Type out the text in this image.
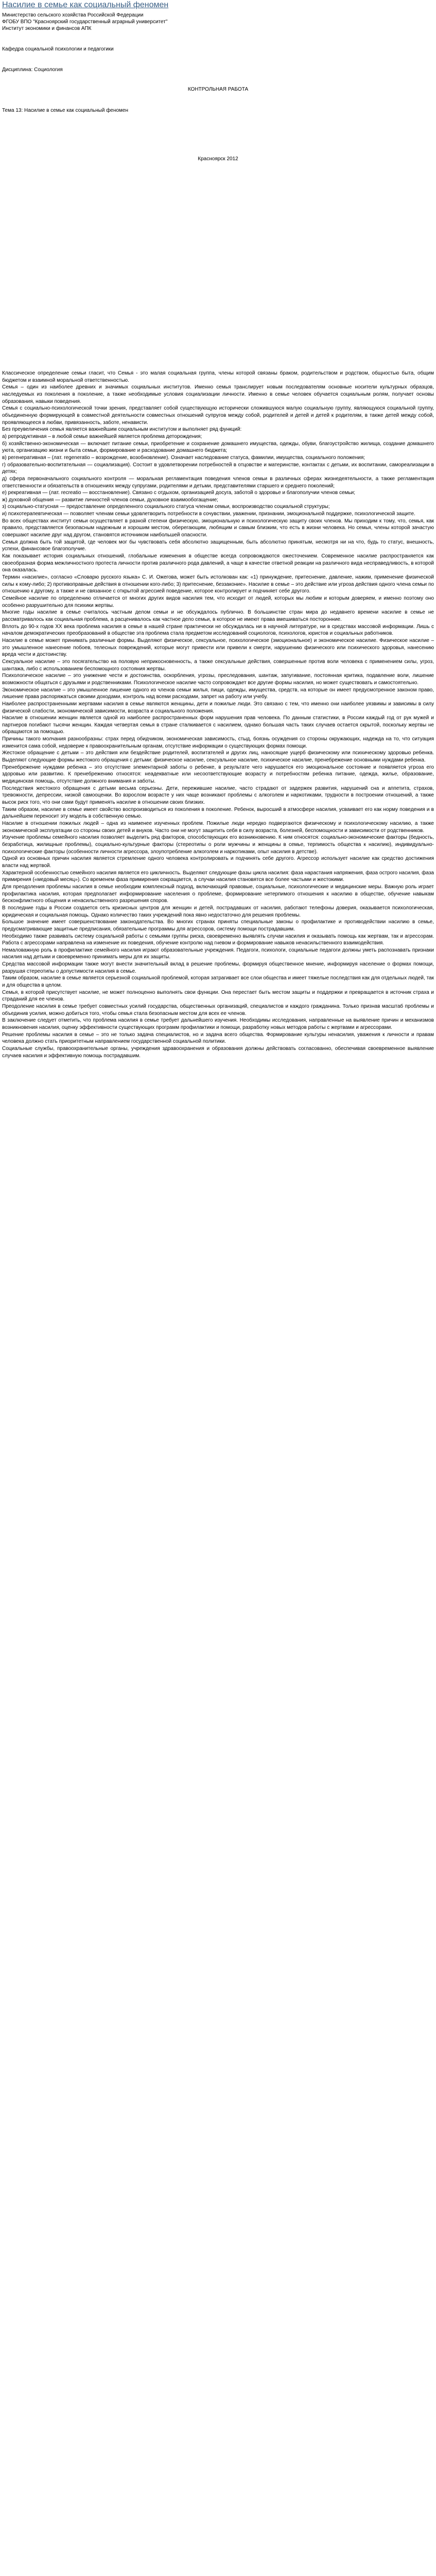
Насилие в семье как социальный феномен
Министерство сельского хозяйства Российской Федерации
ФГОБУ ВПО "Красноярский государственный аграрный университет"
Институт экономики и финансов АПК
Кафедра социальной психологии и педагогики
Дисциплина: Социология
КОНТРОЛЬНАЯ РАБОТА
Тема 13: Насилие в семье как социальный феномен
Красноярск 2012

Классическое определение семьи гласит, что Семья - это малая социальная группа, члены которой связаны браком, родительством и родством, общностью быта, общим бюджетом и взаимной моральной ответственностью.

Семья – один из наиболее древних и значимых социальных институтов. Именно семья транслирует новым последователям основные носители культурных образцов, наследуемых из поколения в поколение, а также необходимые условия социализации личности. Именно в семье человек обучается социальным ролям, получает основы образования, навыки поведения.

Семья с социально-психологической точки зрения, представляет собой существующую исторически сложившуюся малую социальную группу, являющуюся социальной группу, объединенную формирующей в совместной деятельности совместных отношений супругов между собой, родителей и детей и детей к родителям, в также детей между собой, проявляющееся в любви, привязанность, заботе, ненависти.

Без преувеличения семья является важнейшим социальным институтом и выполняет ряд функций:

а) репродуктивная – в любой семье важнейшей является проблема деторождения;

б) хозяйственно-экономическая — включает питание семьи, приобретение и сохранение домашнего имущества, одежды, обуви, благоустройство жилища, создание домашнего уюта, организацию жизни и быта семьи, формирование и расходование домашнего бюджета;

в) регенеративная – (лат. regeneratio – возрождение, возобновление). Означает наследование статуса, фамилии, имущества, социального положения;

г) образовательно-воспитательная — социализация). Состоит в удовлетворении потребностей в отцовстве и материнстве, контактах с детьми, их воспитании, самореализации в детях;

д) сфера первоначального социального контроля — моральная регламентация поведения членов семьи в различных сферах жизнедеятельности, а также регламентация ответственности и обязательств в отношениях между супругами, родителями и детьми, представителями старшего и среднего поколений;

е) рекреативная — (лат. recreatio — восстановление). Связано с отдыхом, организацией досуга, заботой о здоровье и благополучии членов семьи;

ж) духовной общения — развитие личностей членов семьи, духовное взаимообогащение;

з) социально-статусная — предоставление определенного социального статуса членам семьи, воспроизводство социальной структуры;

и) психотерапевтическая — позволяет членам семьи удовлетворить потребности в сочувствии, уважении, признании, эмоциональной поддержке, психологической защите.

Во всех обществах институт семьи осуществляет в разной степени физическую, эмоциональную и психологическую защиту своих членов. Мы приходим к тому, что, семья, как правило, представляется безопасным надежным и хорошим местом, оберегающим, любящим и самым близким, что есть в жизни человека. Но семья, члены которой зачастую совершают насилие друг над другом, становятся источником наибольшей опасности.

Семья должна быть той защитой, где человек мог бы чувствовать себя абсолютно защищенным, быть абсолютно принятым, несмотря ни на что, будь то статус, внешность, успехи, финансовое благополучие.

Как показывает история социальных отношений, глобальные изменения в обществе всегда сопровождаются ожесточением. Современное насилие распространяется как своеобразная форма межличностного протеста личности против различного рода давлений, а чаще в качестве ответной реакции на различного вида несправедливость, в которой она оказалась.

Термин «насилие», согласно «Словарю русского языка» С. И. Ожегова, может быть истолкован как: «1) принуждение, притеснение, давление, нажим, применение физической силы к кому-либо; 2) противоправные действия в отношении кого-либо; 3) притеснение, беззаконие». Насилие в семье – это действие или угроза действия одного члена семьи по отношению к другому, а также и не связанное с открытой агрессией поведение, которое контролирует и подчиняет себе другого.

Семейное насилие по определению отличается от многих других видов насилия тем, что исходит от людей, которых мы любим и которым доверяем, и именно поэтому оно особенно разрушительно для психики жертвы.

Многие годы насилие в семье считалось частным делом семьи и не обсуждалось публично. В большинстве стран мира до недавнего времени насилие в семье не рассматривалось как социальная проблема, а расценивалось как частное дело семьи, в которое не имеют права вмешиваться посторонние.

Вплоть до 90-х годов XX века проблема насилия в семье в нашей стране практически не обсуждалась ни в научной литературе, ни в средствах массовой информации. Лишь с началом демократических преобразований в обществе эта проблема стала предметом исследований социологов, психологов, юристов и социальных работников.

Насилие в семье может принимать различные формы. Выделяют физическое, сексуальное, психологическое (эмоциональное) и экономическое насилие. Физическое насилие – это умышленное нанесение побоев, телесных повреждений, которые могут привести или привели к смерти, нарушению физического или психического здоровья, нанесению вреда чести и достоинству.

Сексуальное насилие – это посягательство на половую неприкосновенность, а также сексуальные действия, совершенные против воли человека с применением силы, угроз, шантажа, либо с использованием беспомощного состояния жертвы.

Психологическое насилие – это унижение чести и достоинства, оскорбления, угрозы, преследования, шантаж, запугивание, постоянная критика, подавление воли, лишение возможности общаться с друзьями и родственниками. Психологическое насилие часто сопровождает все другие формы насилия, но может существовать и самостоятельно.

Экономическое насилие – это умышленное лишение одного из членов семьи жилья, пищи, одежды, имущества, средств, на которые он имеет предусмотренное законом право, лишение права распоряжаться своими доходами, контроль над всеми расходами, запрет на работу или учебу.

Наиболее распространенными жертвами насилия в семье являются женщины, дети и пожилые люди. Это связано с тем, что именно они наиболее уязвимы и зависимы в силу физической слабости, экономической зависимости, возраста и социального положения.

Насилие в отношении женщин является одной из наиболее распространенных форм нарушения прав человека. По данным статистики, в России каждый год от рук мужей и партнеров погибают тысячи женщин. Каждая четвертая семья в стране сталкивается с насилием, однако большая часть таких случаев остается скрытой, поскольку жертвы не обращаются за помощью.

Причины такого молчания разнообразны: страх перед обидчиком, экономическая зависимость, стыд, боязнь осуждения со стороны окружающих, надежда на то, что ситуация изменится сама собой, недоверие к правоохранительным органам, отсутствие информации о существующих формах помощи.

Жестокое обращение с детьми – это действия или бездействие родителей, воспитателей и других лиц, наносящие ущерб физическому или психическому здоровью ребенка. Выделяют следующие формы жестокого обращения с детьми: физическое насилие, сексуальное насилие, психическое насилие, пренебрежение основными нуждами ребенка.

Пренебрежение нуждами ребенка – это отсутствие элементарной заботы о ребенке, в результате чего нарушается его эмоциональное состояние и появляется угроза его здоровью или развитию. К пренебрежению относятся: неадекватные или несоответствующие возрасту и потребностям ребенка питание, одежда, жилье, образование, медицинская помощь, отсутствие должного внимания и заботы.

Последствия жестокого обращения с детьми весьма серьезны. Дети, пережившие насилие, часто страдают от задержек развития, нарушений сна и аппетита, страхов, тревожности, депрессии, низкой самооценки. Во взрослом возрасте у них чаще возникают проблемы с алкоголем и наркотиками, трудности в построении отношений, а также высок риск того, что они сами будут применять насилие в отношении своих близких.

Таким образом, насилие в семье имеет свойство воспроизводиться из поколения в поколение. Ребенок, выросший в атмосфере насилия, усваивает его как норму поведения и в дальнейшем переносит эту модель в собственную семью.

Насилие в отношении пожилых людей – одна из наименее изученных проблем. Пожилые люди нередко подвергаются физическому и психологическому насилию, а также экономической эксплуатации со стороны своих детей и внуков. Часто они не могут защитить себя в силу возраста, болезней, беспомощности и зависимости от родственников.

Изучение проблемы семейного насилия позволяет выделить ряд факторов, способствующих его возникновению. К ним относятся: социально-экономические факторы (бедность, безработица, жилищные проблемы), социально-культурные факторы (стереотипы о роли мужчины и женщины в семье, терпимость общества к насилию), индивидуально-психологические факторы (особенности личности агрессора, злоупотребление алкоголем и наркотиками, опыт насилия в детстве).

Одной из основных причин насилия является стремление одного человека контролировать и подчинять себе другого. Агрессор использует насилие как средство достижения власти над жертвой.

Характерной особенностью семейного насилия является его цикличность. Выделяют следующие фазы цикла насилия: фаза нарастания напряжения, фаза острого насилия, фаза примирения («медовый месяц»). Со временем фаза примирения сокращается, а случаи насилия становятся все более частыми и жестокими.

Для преодоления проблемы насилия в семье необходим комплексный подход, включающий правовые, социальные, психологические и медицинские меры. Важную роль играет профилактика насилия, которая предполагает информирование населения о проблеме, формирование нетерпимого отношения к насилию в обществе, обучение навыкам бесконфликтного общения и ненасильственного разрешения споров.

В последние годы в России создается сеть кризисных центров для женщин и детей, пострадавших от насилия, работают телефоны доверия, оказывается психологическая, юридическая и социальная помощь. Однако количество таких учреждений пока явно недостаточно для решения проблемы.

Большое значение имеет совершенствование законодательства. Во многих странах приняты специальные законы о профилактике и противодействии насилию в семье, предусматривающие защитные предписания, обязательные программы для агрессоров, систему помощи пострадавшим.

Необходимо также развивать систему социальной работы с семьями группы риска, своевременно выявлять случаи насилия и оказывать помощь как жертвам, так и агрессорам. Работа с агрессорами направлена на изменение их поведения, обучение контролю над гневом и формирование навыков ненасильственного взаимодействия.

Немаловажную роль в профилактике семейного насилия играют образовательные учреждения. Педагоги, психологи, социальные педагоги должны уметь распознавать признаки насилия над детьми и своевременно принимать меры для их защиты.

Средства массовой информации также могут внести значительный вклад в решение проблемы, формируя общественное мнение, информируя население о формах помощи, разрушая стереотипы о допустимости насилия в семье.

Таким образом, насилие в семье является серьезной социальной проблемой, которая затрагивает все слои общества и имеет тяжелые последствия как для отдельных людей, так и для общества в целом.

Семья, в которой присутствует насилие, не может полноценно выполнять свои функции. Она перестает быть местом защиты и поддержки и превращается в источник страха и страданий для ее членов.

Преодоление насилия в семье требует совместных усилий государства, общественных организаций, специалистов и каждого гражданина. Только признав масштаб проблемы и объединив усилия, можно добиться того, чтобы семья стала безопасным местом для всех ее членов.

В заключение следует отметить, что проблема насилия в семье требует дальнейшего изучения. Необходимы исследования, направленные на выявление причин и механизмов возникновения насилия, оценку эффективности существующих программ профилактики и помощи, разработку новых методов работы с жертвами и агрессорами.

Решение проблемы насилия в семье – это не только задача специалистов, но и задача всего общества. Формирование культуры ненасилия, уважения к личности и правам человека должно стать приоритетным направлением государственной социальной политики.

Социальные службы, правоохранительные органы, учреждения здравоохранения и образования должны действовать согласованно, обеспечивая своевременное выявление случаев насилия и эффективную помощь пострадавшим.
